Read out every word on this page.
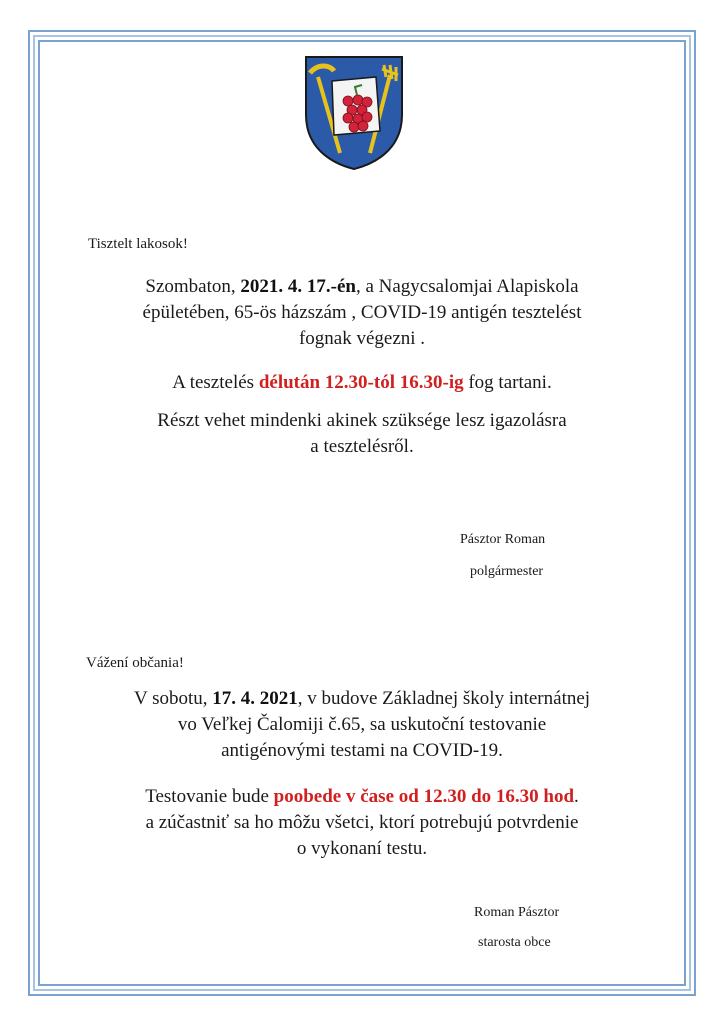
Tisztelt lakosok!

Szombaton, 2021. 4. 17.-én, a Nagycsalomjai Alapiskola
épületében, 65-ös házszám , COVID-19 antigén tesztelést
fognak végezni .
A tesztelés délután 12.30-tól 16.30-ig fog tartani.
Részt vehet mindenki akinek szüksége lesz igazolásra
a tesztelésről.

Pásztor Roman

polgármester

Vážení občania!

V sobotu, 17. 4. 2021, v budove Základnej školy internátnej
vo Veľkej Čalomiji č.65, sa uskutoční testovanie
antigénovými testami na COVID-19.
Testovanie bude poobede v čase od 12.30 do 16.30 hod.
a zúčastniť sa ho môžu všetci, ktorí potrebujú potvrdenie
o vykonaní testu.

Roman Pásztor

starosta obce
